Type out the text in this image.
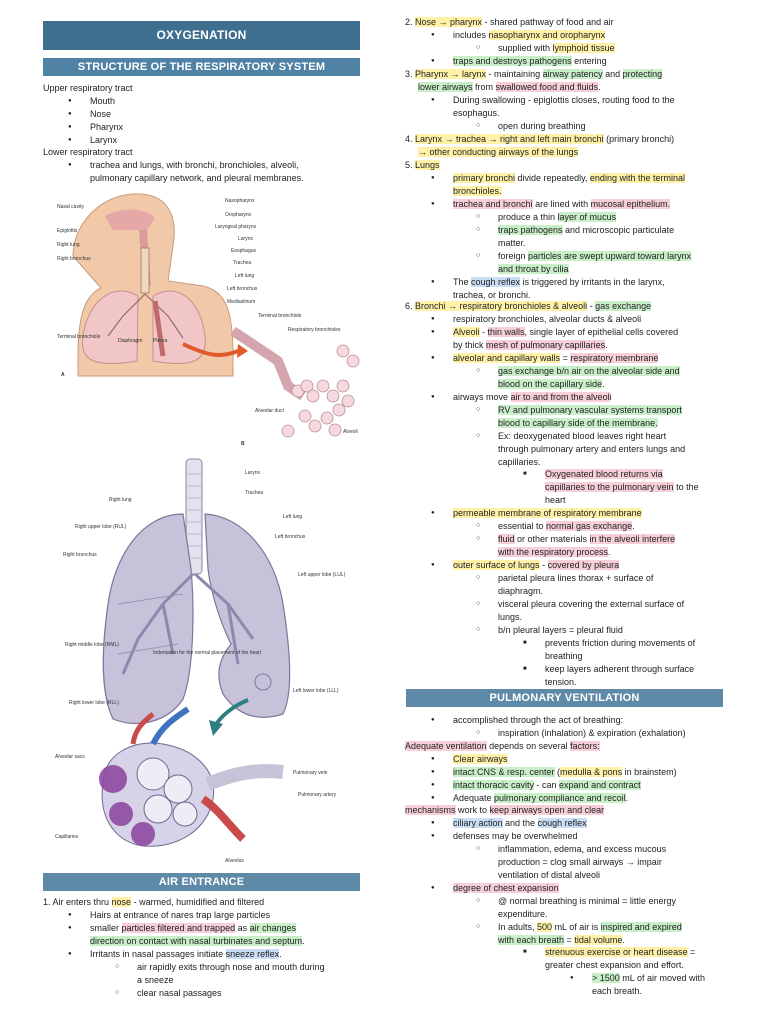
OXYGENATION
STRUCTURE OF THE RESPIRATORY SYSTEM
Upper respiratory tract
● Mouth
● Nose
● Pharynx
● Larynx
Lower respiratory tract
● trachea and lungs, with bronchi, bronchioles, alveoli,
pulmonary capillary network, and pleural membranes.
Nasal cavity
Epiglottis
Right lung
Right bronchus
Terminal bronchiole
Nasopharynx
Oropharynx
Laryngeal pharynx
Larynx
Esophagus
Trachea
Left lung
Left bronchus
Mediastinum
Diaphragm Pleura
Terminal bronchiole
Respiratory bronchioles
Alveolar duct
Alveoli
A
B
Larynx
Trachea
Right lung
Left lung
Right upper lobe (RUL)
Left bronchus
Right bronchus
Left upper lobe (LUL)
Right middle lobe (RML)
Indentation for the normal placement of the heart
Right lower lobe (RLL)
Left lower lobe (LLL)
Alveolar sacs
Pulmonary vein
Pulmonary artery
Capillaries
Alveolus
AIR ENTRANCE
1. Air enters thru nose - warmed, humidified and filtered
● Hairs at entrance of nares trap large particles
● smaller particles filtered and trapped as air changes
direction on contact with nasal turbinates and septum.
● Irritants in nasal passages initiate sneeze reflex.
○ air rapidly exits through nose and mouth during
a sneeze
○ clear nasal passages
2. Nose → pharynx - shared pathway of food and air
● includes nasopharynx and oropharynx
○ supplied with lymphoid tissue
● traps and destroys pathogens entering
3. Pharynx → larynx - maintaining airway patency and protecting
lower airways from swallowed food and fluids.
● During swallowing - epiglottis closes, routing food to the
esophagus.
○ open during breathing
4. Larynx → trachea → right and left main bronchi (primary bronchi)
→ other conducting airways of the lungs
5. Lungs
● primary bronchi divide repeatedly, ending with the terminal
bronchioles.
● trachea and bronchi are lined with mucosal epithelium.
○ produce a thin layer of mucus
○ traps pathogens and microscopic particulate
matter.
○ foreign particles are swept upward toward larynx
and throat by cilia
● The cough reflex is triggered by irritants in the larynx,
trachea, or bronchi.
6. Bronchi → respiratory bronchioles & alveoli - gas exchange
● respiratory bronchioles, alveolar ducts & alveoli
● Alveoli - thin walls, single layer of epithelial cells covered
by thick mesh of pulmonary capillaries.
● alveolar and capillary walls = respiratory membrane
○ gas exchange b/n air on the alveolar side and
blood on the capillary side.
● airways move air to and from the alveoli
○ RV and pulmonary vascular systems transport
blood to capillary side of the membrane.
○ Ex: deoxygenated blood leaves right heart
through pulmonary artery and enters lungs and
capillaries.
■ Oxygenated blood returns via
capillaries to the pulmonary vein to the
heart
● permeable membrane of respiratory membrane
○ essential to normal gas exchange.
○ fluid or other materials in the alveoli interfere
with the respiratory process.
● outer surface of lungs - covered by pleura
○ parietal pleura lines thorax + surface of
diaphragm.
○ visceral pleura covering the external surface of
lungs.
○ b/n pleural layers = pleural fluid
■ prevents friction during movements of
breathing
■ keep layers adherent through surface
tension.
PULMONARY VENTILATION
● accomplished through the act of breathing:
○ inspiration (inhalation) & expiration (exhalation)
Adequate ventilation depends on several factors:
● Clear airways
● intact CNS & resp. center (medulla & pons in brainstem)
● intact thoracic cavity - can expand and contract
● Adequate pulmonary compliance and recoil.
mechanisms work to keep airways open and clear
● ciliary action and the cough reflex
● defenses may be overwhelmed
○ inflammation, edema, and excess mucous
production = clog small airways → impair
ventilation of distal alveoli
● degree of chest expansion
○ @ normal breathing is minimal = little energy
expenditure.
○ In adults, 500 mL of air is inspired and expired
with each breath = tidal volume.
■ strenuous exercise or heart disease =
greater chest expansion and effort.
● > 1500 mL of air moved with
each breath.
